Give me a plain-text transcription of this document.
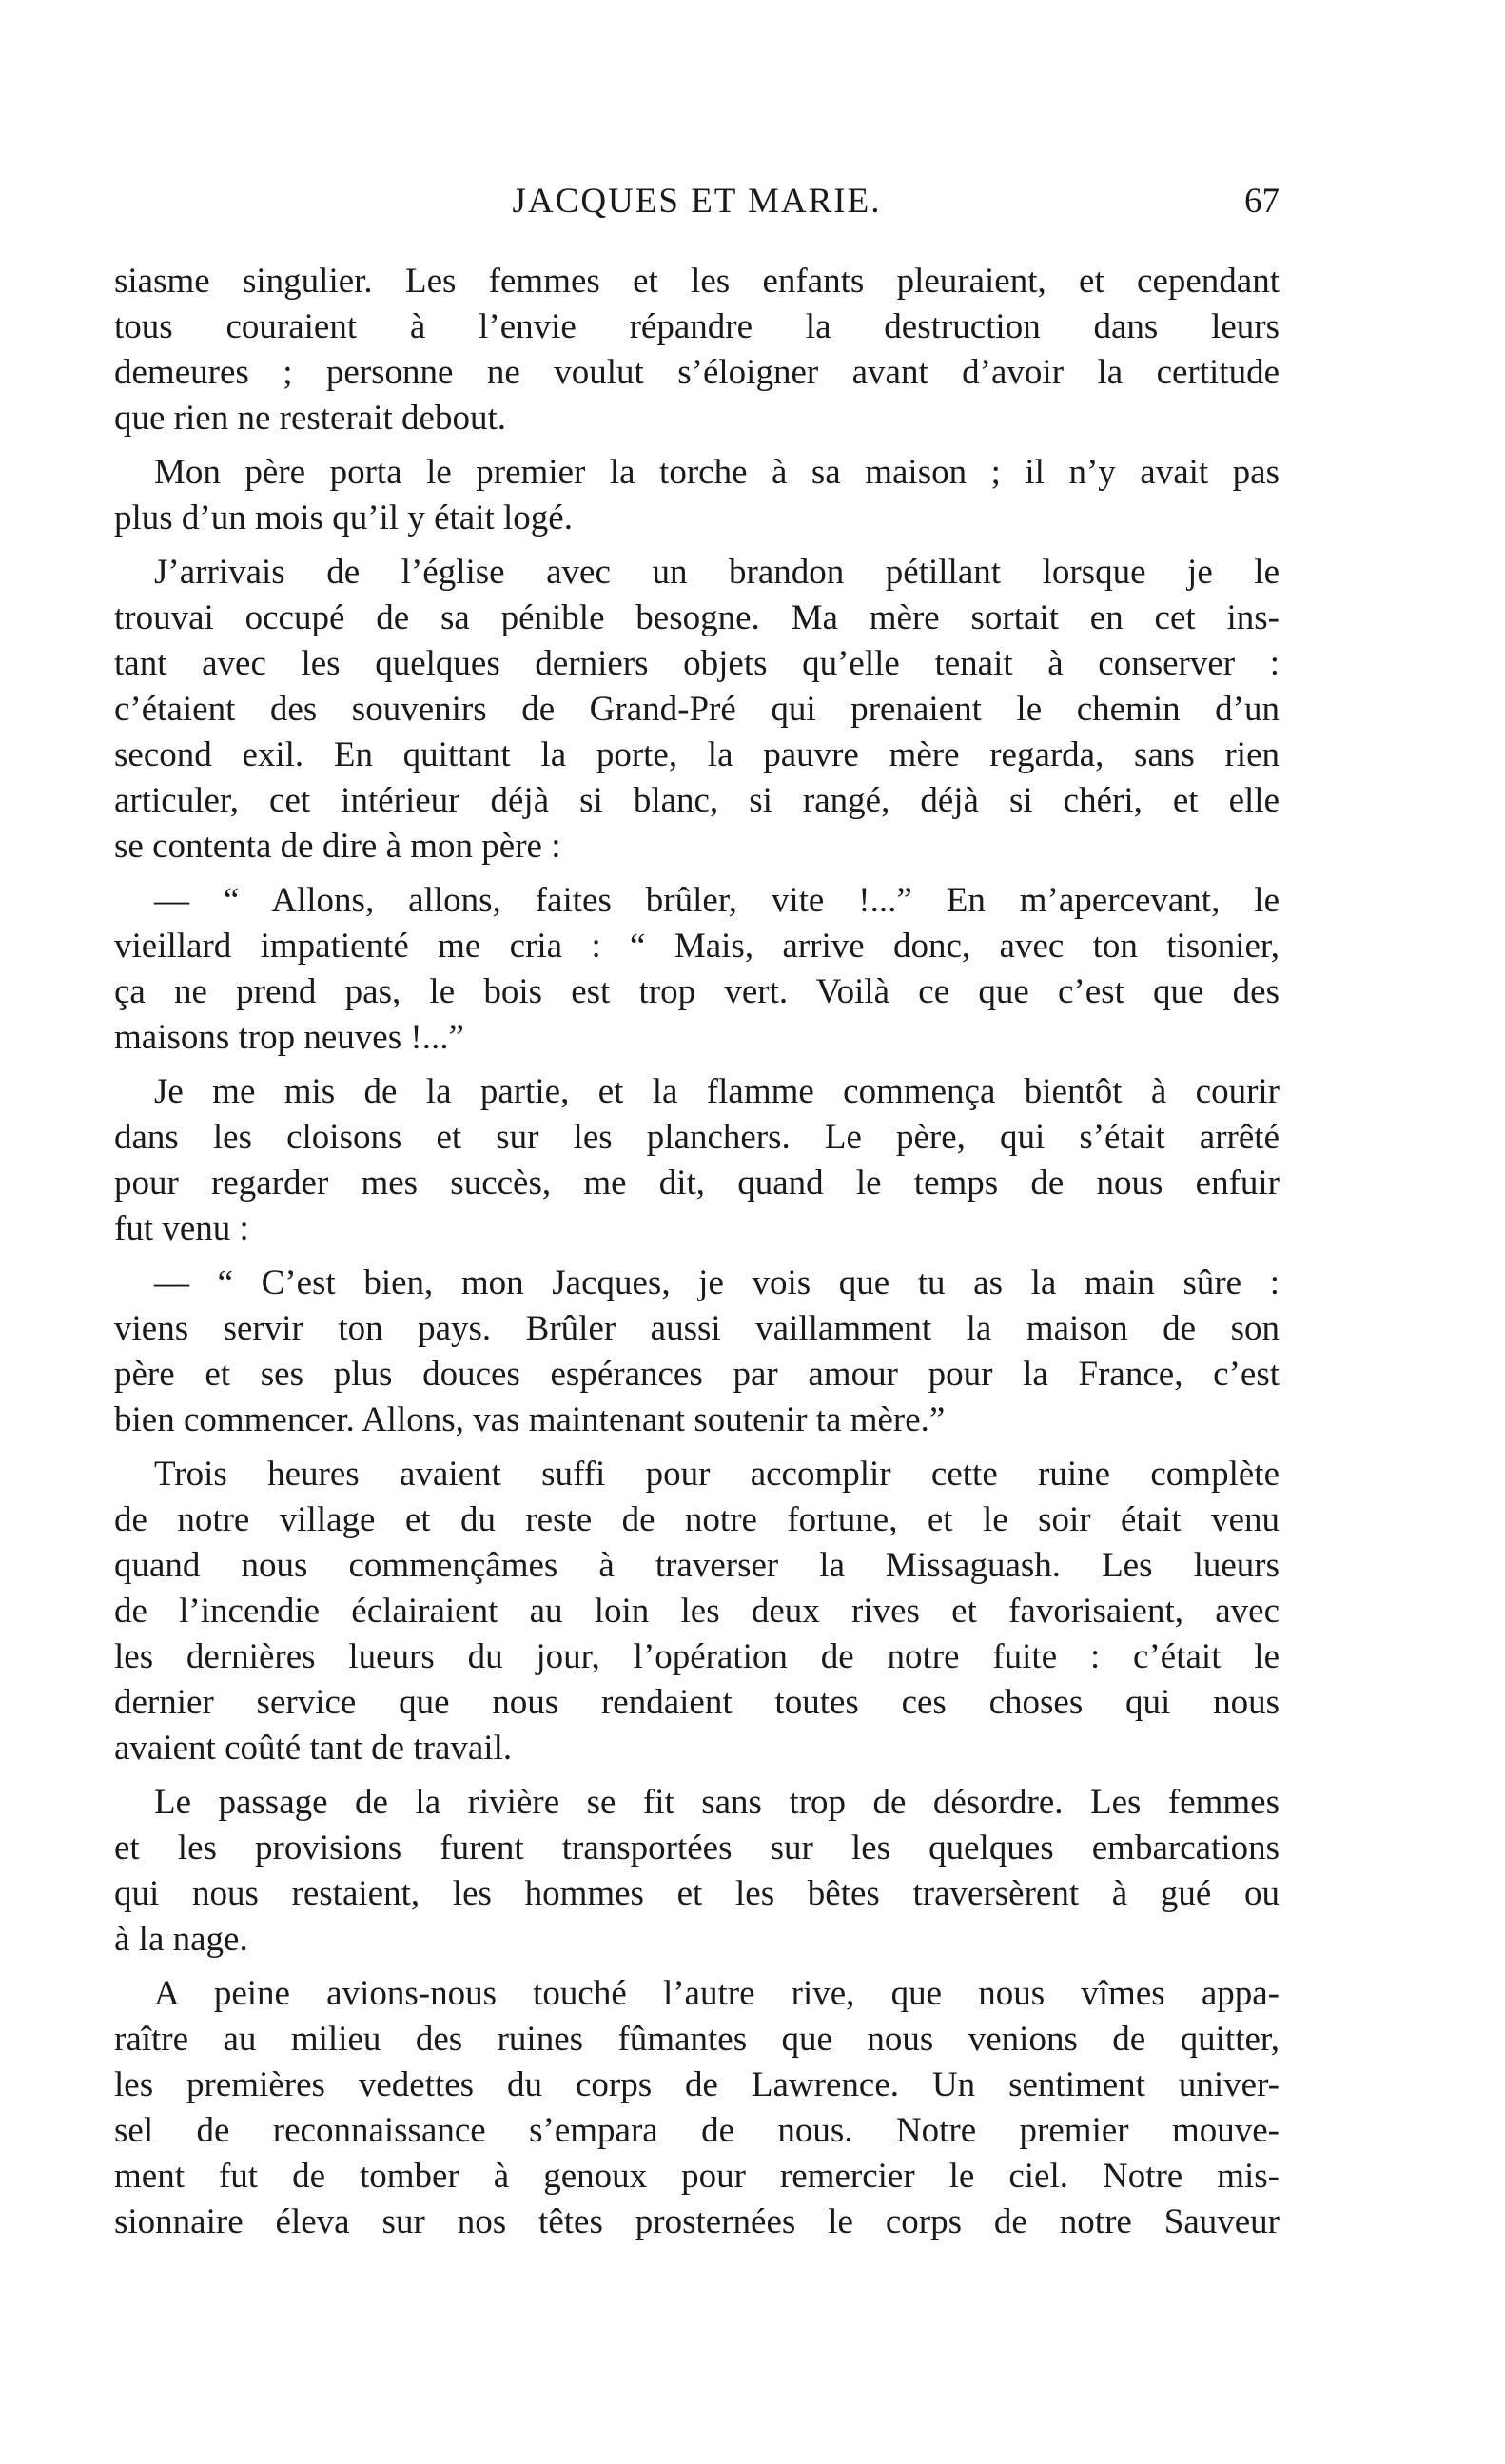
JACQUES ET MARIE.	67
siasme singulier. Les femmes et les enfants pleuraient, et cependant
tous couraient à l’envie répandre la destruction dans leurs
demeures ; personne ne voulut s’éloigner avant d’avoir la certitude
que rien ne resterait debout.
Mon père porta le premier la torche à sa maison ; il n’y avait pas
plus d’un mois qu’il y était logé.
J’arrivais de l’église avec un brandon pétillant lorsque je le
trouvai occupé de sa pénible besogne. Ma mère sortait en cet ins-
tant avec les quelques derniers objets qu’elle tenait à conserver :
c’étaient des souvenirs de Grand-Pré qui prenaient le chemin d’un
second exil. En quittant la porte, la pauvre mère regarda, sans rien
articuler, cet intérieur déjà si blanc, si rangé, déjà si chéri, et elle
se contenta de dire à mon père :
— “ Allons, allons, faites brûler, vite !...” En m’apercevant, le
vieillard impatienté me cria : “ Mais, arrive donc, avec ton tisonier,
ça ne prend pas, le bois est trop vert. Voilà ce que c’est que des
maisons trop neuves !...”
Je me mis de la partie, et la flamme commença bientôt à courir
dans les cloisons et sur les planchers. Le père, qui s’était arrêté
pour regarder mes succès, me dit, quand le temps de nous enfuir
fut venu :
— “ C’est bien, mon Jacques, je vois que tu as la main sûre :
viens servir ton pays. Brûler aussi vaillamment la maison de son
père et ses plus douces espérances par amour pour la France, c’est
bien commencer. Allons, vas maintenant soutenir ta mère.”
Trois heures avaient suffi pour accomplir cette ruine complète
de notre village et du reste de notre fortune, et le soir était venu
quand nous commençâmes à traverser la Missaguash. Les lueurs
de l’incendie éclairaient au loin les deux rives et favorisaient, avec
les dernières lueurs du jour, l’opération de notre fuite : c’était le
dernier service que nous rendaient toutes ces choses qui nous
avaient coûté tant de travail.
Le passage de la rivière se fit sans trop de désordre. Les femmes
et les provisions furent transportées sur les quelques embarcations
qui nous restaient, les hommes et les bêtes traversèrent à gué ou
à la nage.
A peine avions-nous touché l’autre rive, que nous vîmes appa-
raître au milieu des ruines fûmantes que nous venions de quitter,
les premières vedettes du corps de Lawrence. Un sentiment univer-
sel de reconnaissance s’empara de nous. Notre premier mouve-
ment fut de tomber à genoux pour remercier le ciel. Notre mis-
sionnaire éleva sur nos têtes prosternées le corps de notre Sauveur
